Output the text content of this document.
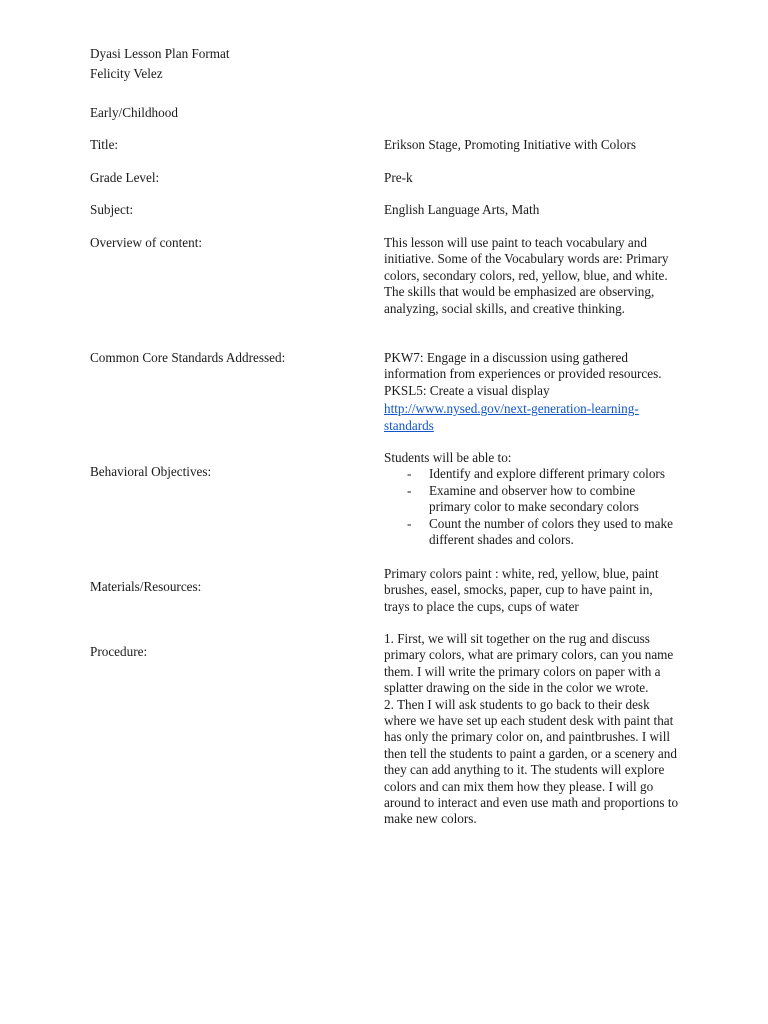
Dyasi Lesson Plan Format
Felicity Velez
Early/Childhood
Title:	Erikson Stage, Promoting Initiative with Colors
Grade Level:	Pre-k
Subject:	English Language Arts, Math
Overview of content:	This lesson will use paint to teach vocabulary and initiative. Some of the Vocabulary words are: Primary colors, secondary colors, red, yellow, blue, and white. The skills that would be emphasized are observing, analyzing, social skills, and creative thinking.
Common Core Standards Addressed:	PKW7: Engage in a discussion using gathered information from experiences or provided resources.

PKSL5: Create a visual display

http://www.nysed.gov/next-generation-learning-standards

Behavioral Objectives:

Students will be able to:

- Identify and explore different primary colors
- Examine and observer how to combine primary color to make secondary colors
- Count the number of colors they used to make different shades and colors.
Materials/Resources:
Primary colors paint : white, red, yellow, blue, paint brushes, easel, smocks, paper, cup to have paint in, trays to place the cups, cups of water
Procedure:

1. First, we will sit together on the rug and discuss primary colors, what are primary colors, can you name them. I will write the primary colors on paper with a splatter drawing on the side in the color we wrote.

2. Then I will ask students to go back to their desk where we have set up each student desk with paint that has only the primary color on, and paintbrushes. I will then tell the students to paint a garden, or a scenery and they can add anything to it. The students will explore colors and can mix them how they please. I will go around to interact and even use math and proportions to make new colors.
